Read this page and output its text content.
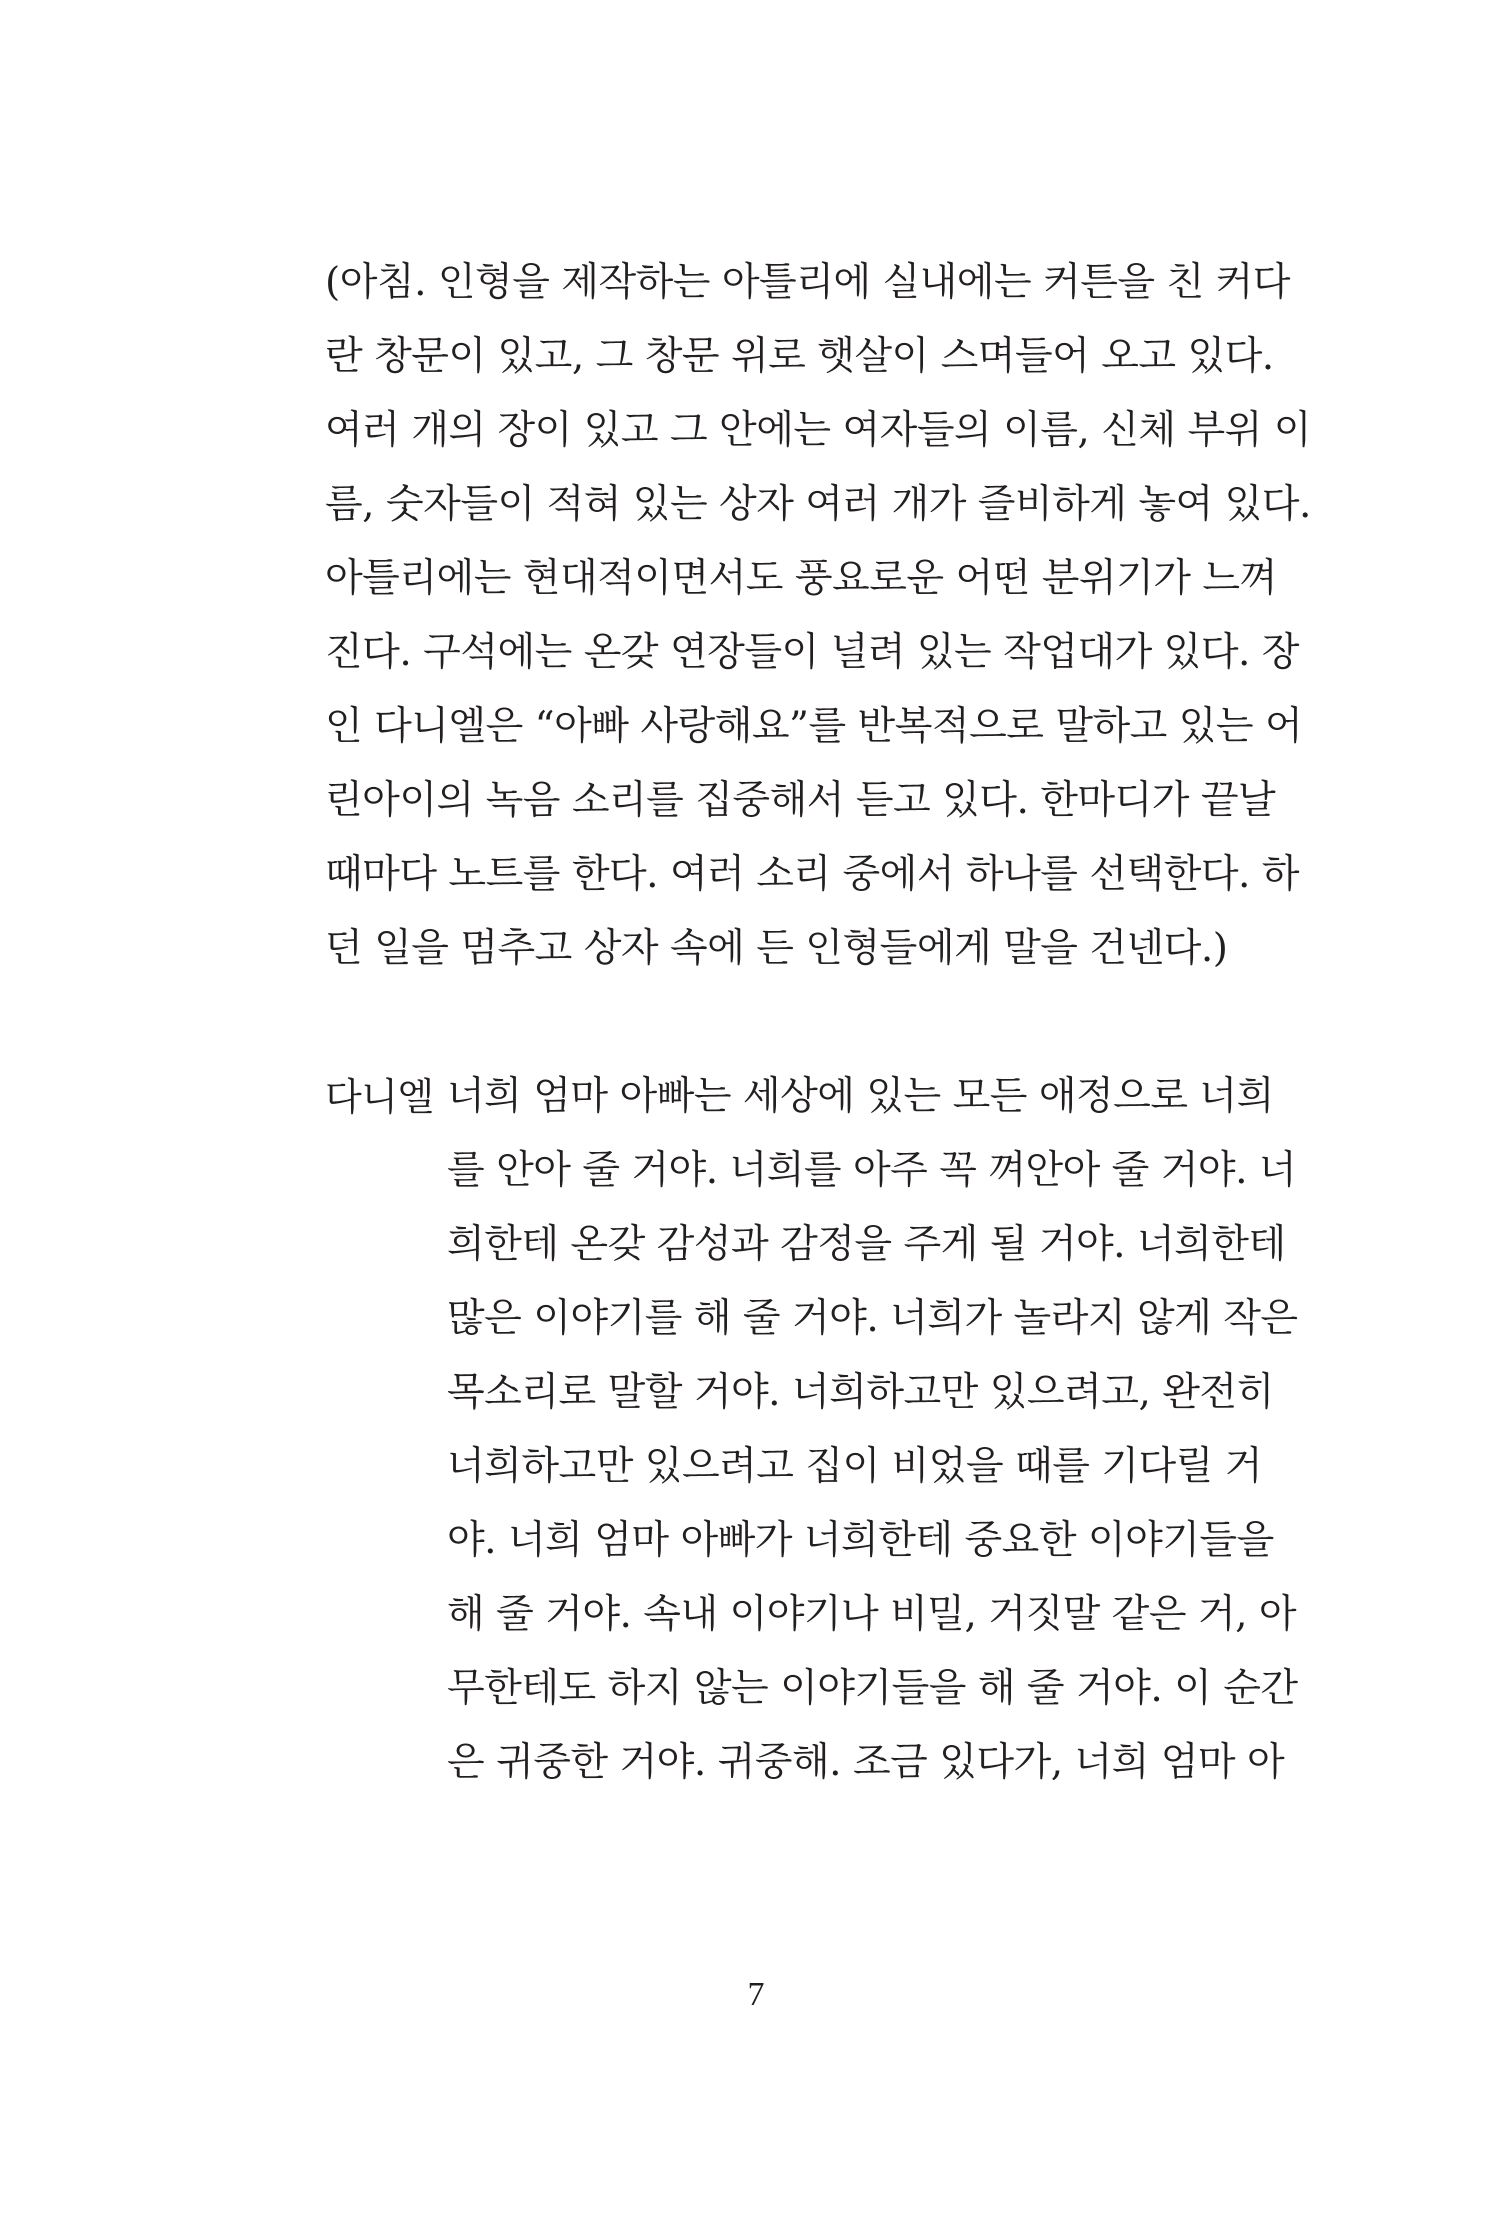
(아침. 인형을 제작하는 아틀리에 실내에는 커튼을 친 커다
란 창문이 있고, 그 창문 위로 햇살이 스며들어 오고 있다.
여러 개의 장이 있고 그 안에는 여자들의 이름, 신체 부위 이
름, 숫자들이 적혀 있는 상자 여러 개가 즐비하게 놓여 있다.
아틀리에는 현대적이면서도 풍요로운 어떤 분위기가 느껴
진다. 구석에는 온갖 연장들이 널려 있는 작업대가 있다. 장
인 다니엘은 “아빠 사랑해요”를 반복적으로 말하고 있는 어
린아이의 녹음 소리를 집중해서 듣고 있다. 한마디가 끝날
때마다 노트를 한다. 여러 소리 중에서 하나를 선택한다. 하
던 일을 멈추고 상자 속에 든 인형들에게 말을 건넨다.)
다니엘 너희 엄마 아빠는 세상에 있는 모든 애정으로 너희
를 안아 줄 거야. 너희를 아주 꼭 껴안아 줄 거야. 너
희한테 온갖 감성과 감정을 주게 될 거야. 너희한테
많은 이야기를 해 줄 거야. 너희가 놀라지 않게 작은
목소리로 말할 거야. 너희하고만 있으려고, 완전히
너희하고만 있으려고 집이 비었을 때를 기다릴 거
야. 너희 엄마 아빠가 너희한테 중요한 이야기들을
해 줄 거야. 속내 이야기나 비밀, 거짓말 같은 거, 아
무한테도 하지 않는 이야기들을 해 줄 거야. 이 순간
은 귀중한 거야. 귀중해. 조금 있다가, 너희 엄마 아
7
